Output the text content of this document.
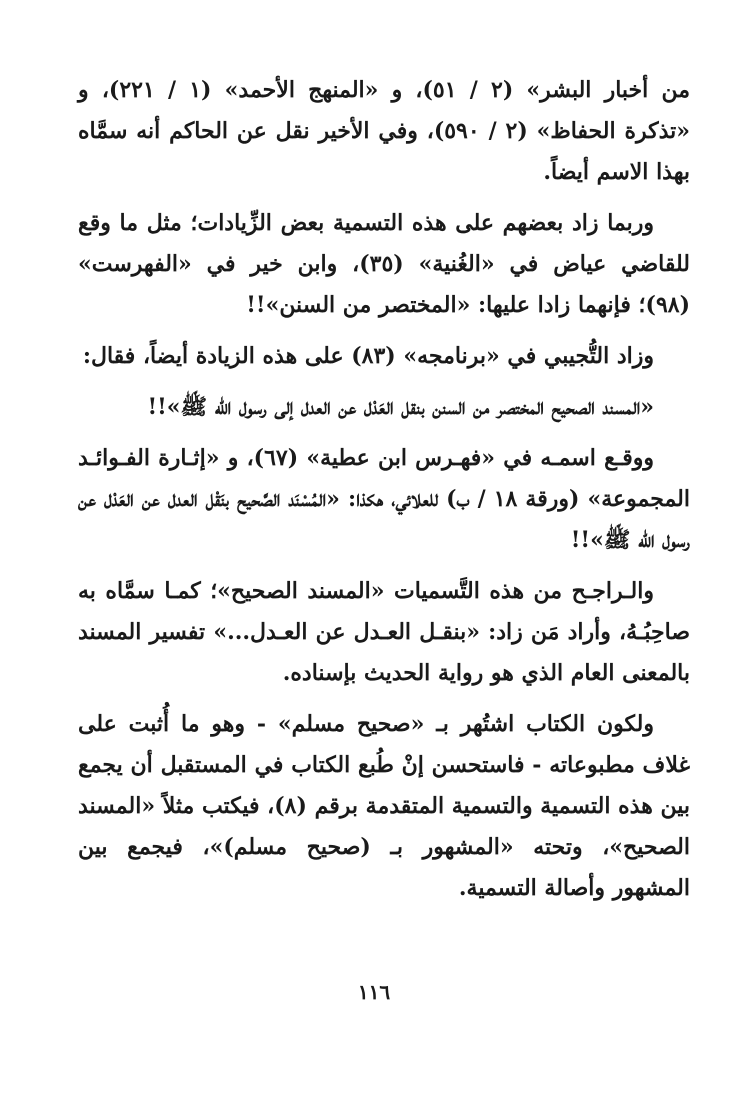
من أخبار البشر» (٢ / ٥١)، و «المنهج الأحمد» (١ / ٢٢١)، و «تذكرة الحفاظ» (٢ / ٥٩٠)، وفي الأخير نقل عن الحاكم أنه سمَّاه بهذا الاسم أيضاً.

وربما زاد بعضهم على هذه التسمية بعض الزِّيادات؛ مثل ما وقع للقاضي عياض في «الغُنية» (٣٥)، وابن خير في «الفهرست» (٩٨)؛ فإنهما زادا عليها: «المختصر من السنن»!!

وزاد التُّجيبي في «برنامجه» (٨٣) على هذه الزيادة أيضاً، فقال:

«المسند الصحيح المختصر من السنن بنقل العَدْل عن العدل إلى رسول الله ﷺ»!!

ووقـع اسمـه في «فهـرس ابن عطية» (٦٧)، و «إثـارة الفـوائـد المجموعة» (ورقة ١٨ / ب) للعلائي، هكذا: «المُسْنَد الصَّحيح بنَقْل العدل عن العَدْل عن رسول الله ﷺ»!!

والـراجـح من هذه التَّسميات «المسند الصحيح»؛ كمـا سمَّاه به صاحِبُـهُ، وأراد مَن زاد: «بنقـل العـدل عن العـدل...» تفسير المسند بالمعنى العام الذي هو رواية الحديث بإسناده.

ولكون الكتاب اشتُهر بـ «صحيح مسلم» - وهو ما أُثبت على غلاف مطبوعاته - فاستحسن إنْ طُبع الكتاب في المستقبل أن يجمع بين هذه التسمية والتسمية المتقدمة برقم (٨)، فيكتب مثلاً «المسند الصحيح»، وتحته «المشهور بـ (صحيح مسلم)»، فيجمع بين المشهور وأصالة التسمية.

١١٦
